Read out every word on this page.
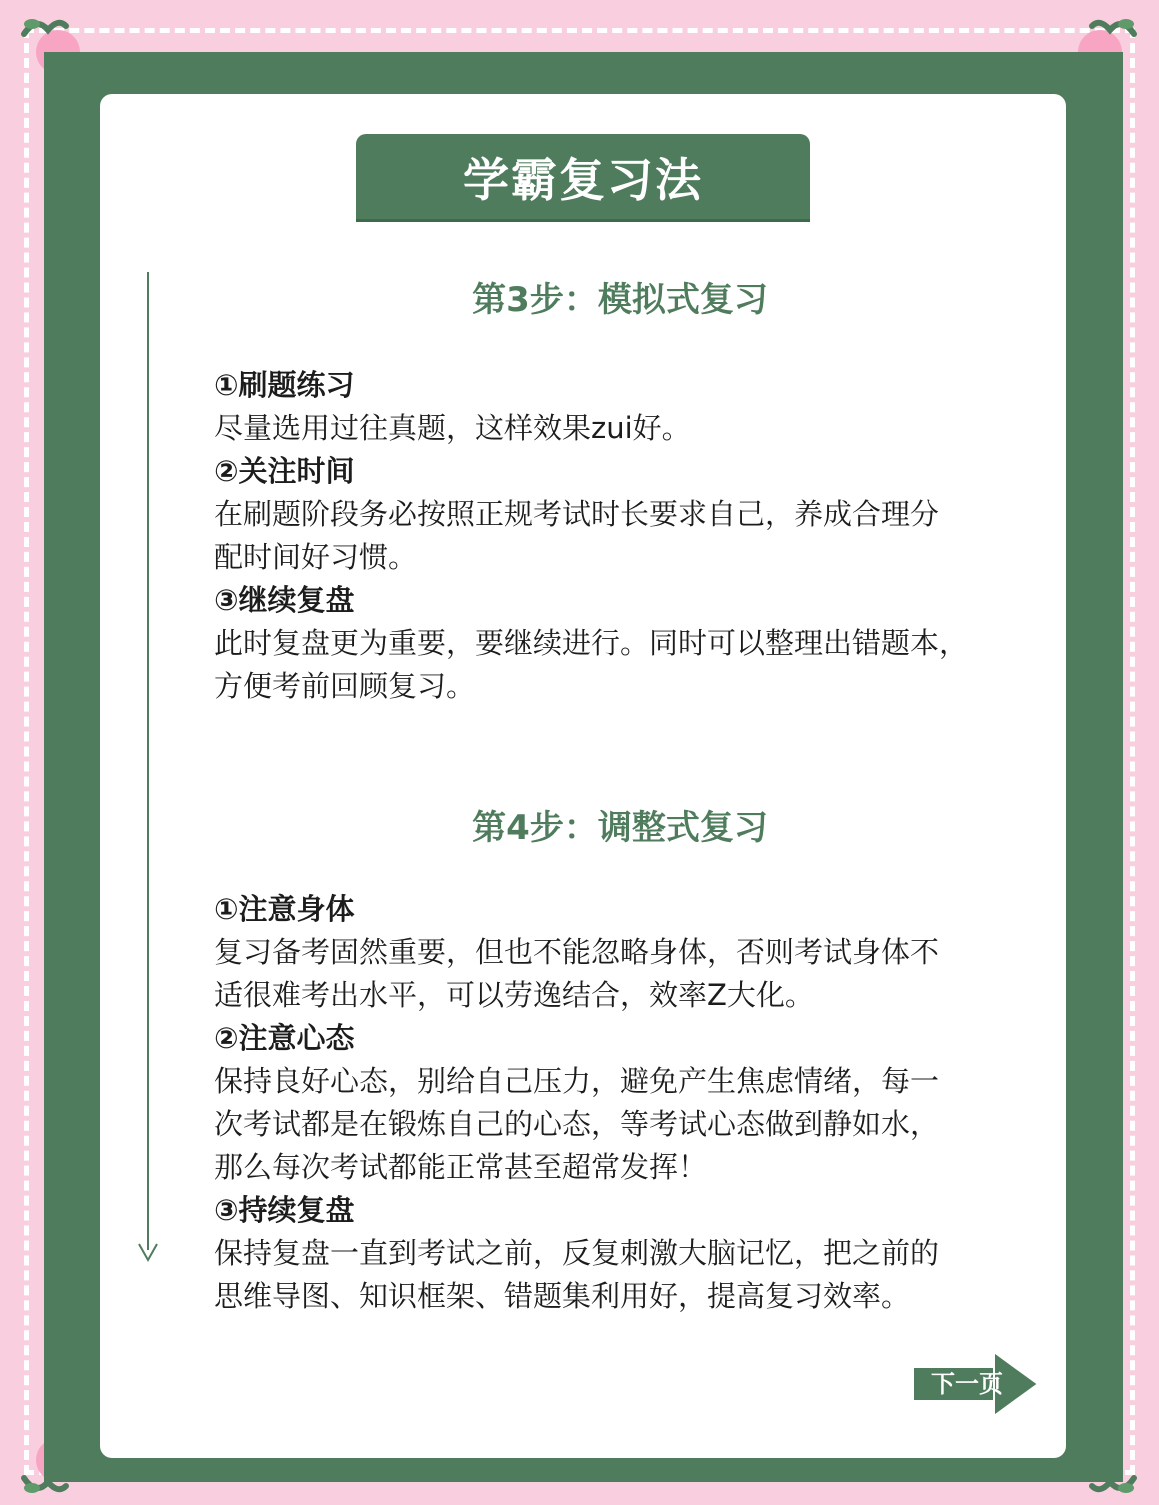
学霸复习法
第3步：模拟式复习
①刷题练习

尽量选用过往真题，这样效果zui好。

②关注时间

在刷题阶段务必按照正规考试时长要求自己，养成合理分
配时间好习惯。

③继续复盘

此时复盘更为重要，要继续进行。同时可以整理出错题本，
方便考前回顾复习。

第4步：调整式复习
①注意身体

复习备考固然重要，但也不能忽略身体，否则考试身体不
适很难考出水平，可以劳逸结合，效率Z大化。

②注意心态

保持良好心态，别给自己压力，避免产生焦虑情绪，每一
次考试都是在锻炼自己的心态，等考试心态做到静如水，
那么每次考试都能正常甚至超常发挥！

③持续复盘

保持复盘一直到考试之前，反复刺激大脑记忆，把之前的
思维导图、知识框架、错题集利用好，提高复习效率。

下一页
